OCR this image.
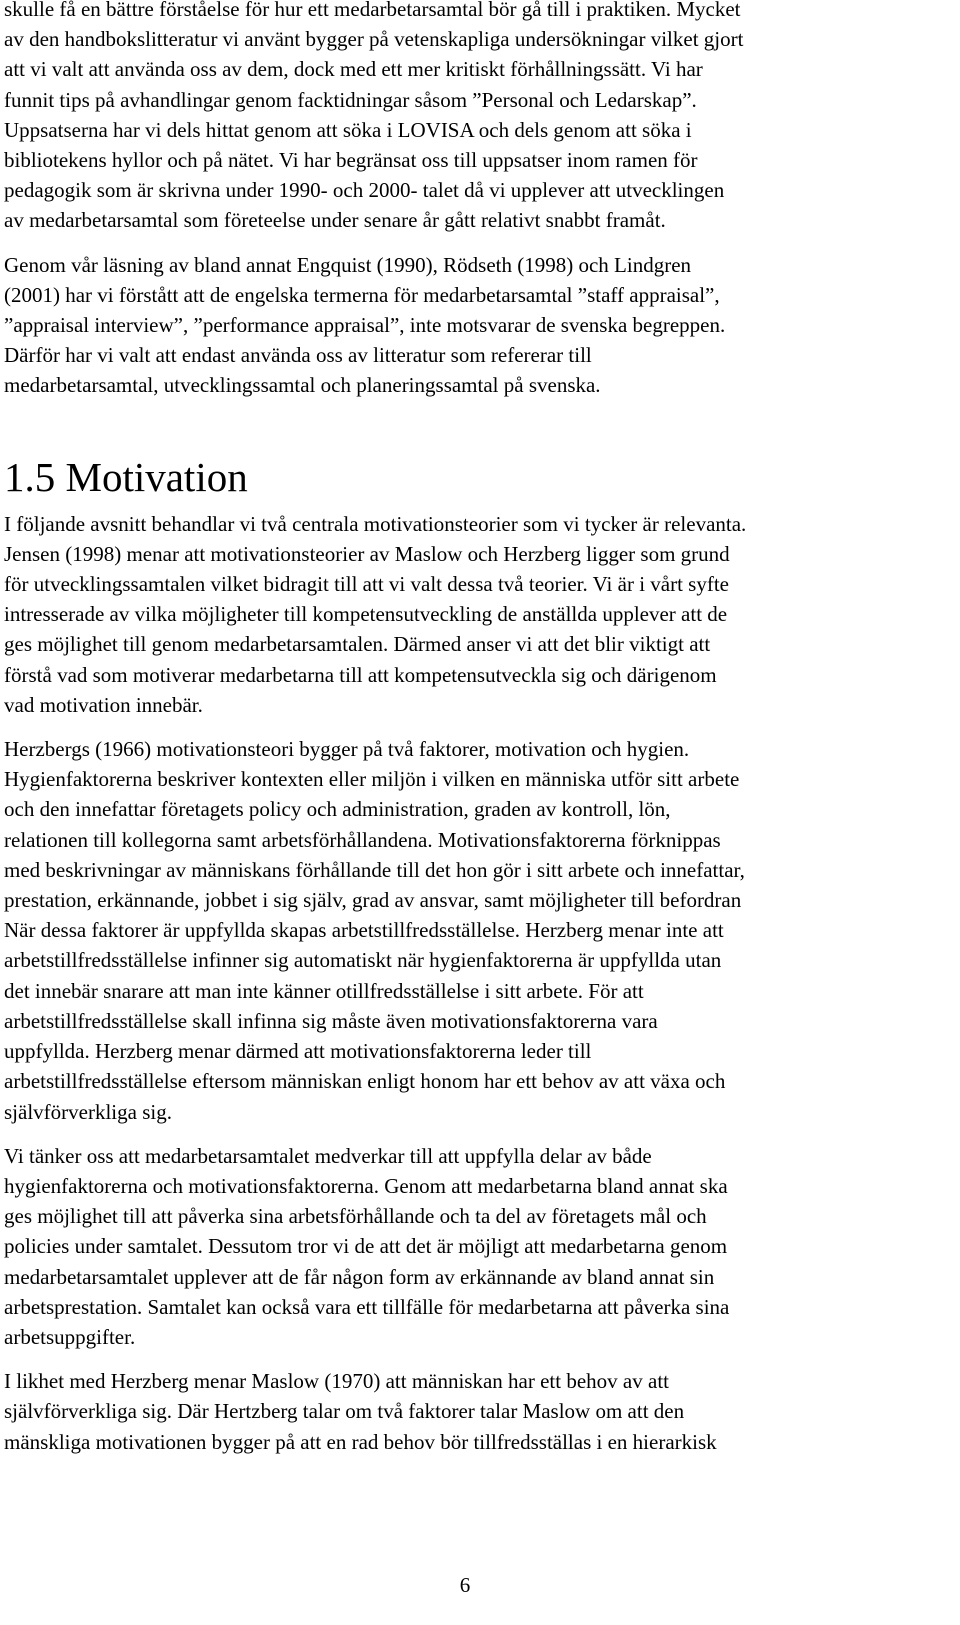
skulle få en bättre förståelse för hur ett medarbetarsamtal bör gå till i praktiken. Mycket
av den handbokslitteratur vi använt bygger på vetenskapliga undersökningar vilket gjort
att vi valt att använda oss av dem, dock med ett mer kritiskt förhållningssätt. Vi har
funnit tips på avhandlingar genom facktidningar såsom ”Personal och Ledarskap”.
Uppsatserna har vi dels hittat genom att söka i LOVISA och dels genom att söka i
bibliotekens hyllor och på nätet. Vi har begränsat oss till uppsatser inom ramen för
pedagogik som är skrivna under 1990- och 2000- talet då vi upplever att utvecklingen
av medarbetarsamtal som företeelse under senare år gått relativt snabbt framåt.

Genom vår läsning av bland annat Engquist (1990), Rödseth (1998) och Lindgren
(2001) har vi förstått att de engelska termerna för medarbetarsamtal ”staff appraisal”,
”appraisal interview”, ”performance appraisal”, inte motsvarar de svenska begreppen.
Därför har vi valt att endast använda oss av litteratur som refererar till
medarbetarsamtal, utvecklingssamtal och planeringssamtal på svenska.

1.5 Motivation

I följande avsnitt behandlar vi två centrala motivationsteorier som vi tycker är relevanta.
Jensen (1998) menar att motivationsteorier av Maslow och Herzberg ligger som grund
för utvecklingssamtalen vilket bidragit till att vi valt dessa två teorier. Vi är i vårt syfte
intresserade av vilka möjligheter till kompetensutveckling de anställda upplever att de
ges möjlighet till genom medarbetarsamtalen. Därmed anser vi att det blir viktigt att
förstå vad som motiverar medarbetarna till att kompetensutveckla sig och därigenom
vad motivation innebär.

Herzbergs (1966) motivationsteori bygger på två faktorer, motivation och hygien.
Hygienfaktorerna beskriver kontexten eller miljön i vilken en människa utför sitt arbete
och den innefattar företagets policy och administration, graden av kontroll, lön,
relationen till kollegorna samt arbetsförhållandena. Motivationsfaktorerna förknippas
med beskrivningar av människans förhållande till det hon gör i sitt arbete och innefattar,
prestation, erkännande, jobbet i sig själv, grad av ansvar, samt möjligheter till befordran
När dessa faktorer är uppfyllda skapas arbetstillfredsställelse. Herzberg menar inte att
arbetstillfredsställelse infinner sig automatiskt när hygienfaktorerna är uppfyllda utan
det innebär snarare att man inte känner otillfredsställelse i sitt arbete. För att
arbetstillfredsställelse skall infinna sig måste även motivationsfaktorerna vara
uppfyllda. Herzberg menar därmed att motivationsfaktorerna leder till
arbetstillfredsställelse eftersom människan enligt honom har ett behov av att växa och
självförverkliga sig.

Vi tänker oss att medarbetarsamtalet medverkar till att uppfylla delar av både
hygienfaktorerna och motivationsfaktorerna. Genom att medarbetarna bland annat ska
ges möjlighet till att påverka sina arbetsförhållande och ta del av företagets mål och
policies under samtalet. Dessutom tror vi de att det är möjligt att medarbetarna genom
medarbetarsamtalet upplever att de får någon form av erkännande av bland annat sin
arbetsprestation. Samtalet kan också vara ett tillfälle för medarbetarna att påverka sina
arbetsuppgifter.

I likhet med Herzberg menar Maslow (1970) att människan har ett behov av att
självförverkliga sig. Där Hertzberg talar om två faktorer talar Maslow om att den
mänskliga motivationen bygger på att en rad behov bör tillfredsställas i en hierarkisk

6
